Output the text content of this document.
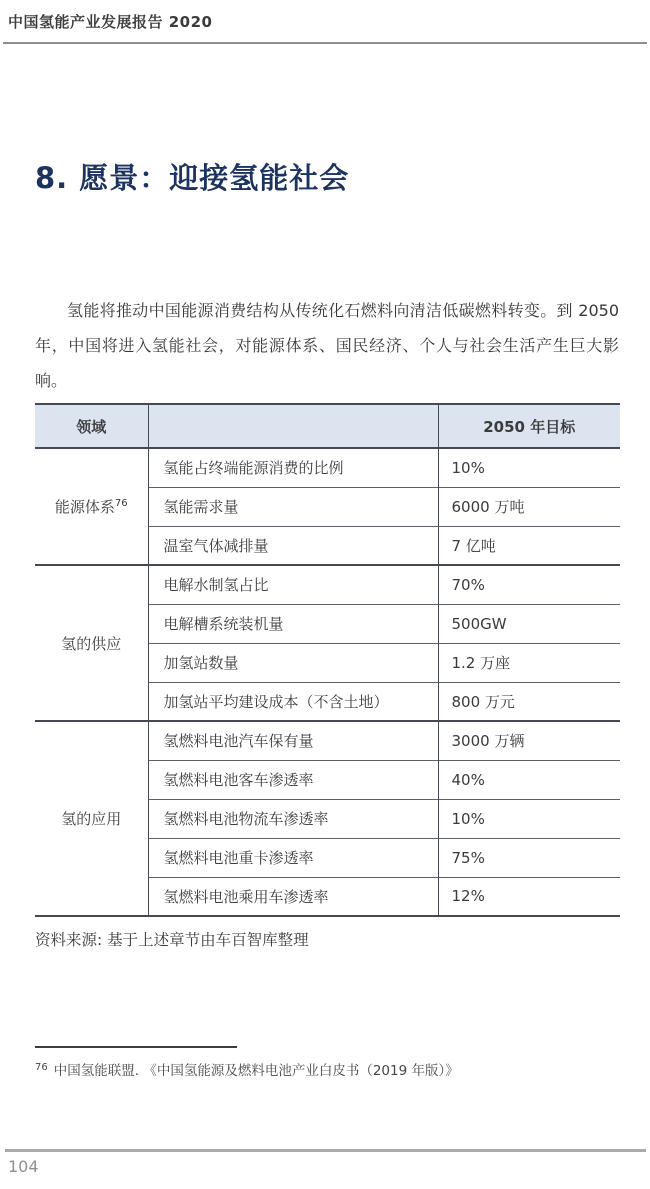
中国氢能产业发展报告 2020
8. 愿景：迎接氢能社会

氢能将推动中国能源消费结构从传统化石燃料向清洁低碳燃料转变。到 2050 年，中国将进入氢能社会，对能源体系、国民经济、个人与社会生活产生巨大影响。

领域		2050 年目标
能源体系$^{76}$	氢能占终端能源消费的比例	10%
	氢能需求量	6000 万吨
	温室气体减排量	7 亿吨
氢的供应	电解水制氢占比	70%
	电解槽系统装机量	500GW
	加氢站数量	1.2 万座
	加氢站平均建设成本（不含土地）	800 万元
氢的应用	氢燃料电池汽车保有量	3000 万辆
	氢燃料电池客车渗透率	40%
	氢燃料电池物流车渗透率	10%
	氢燃料电池重卡渗透率	75%
	氢燃料电池乘用车渗透率	12%
资料来源: 基于上述章节由车百智库整理
$^{76}$ 中国氢能联盟. 《中国氢能源及燃料电池产业白皮书（2019 年版）》
104
